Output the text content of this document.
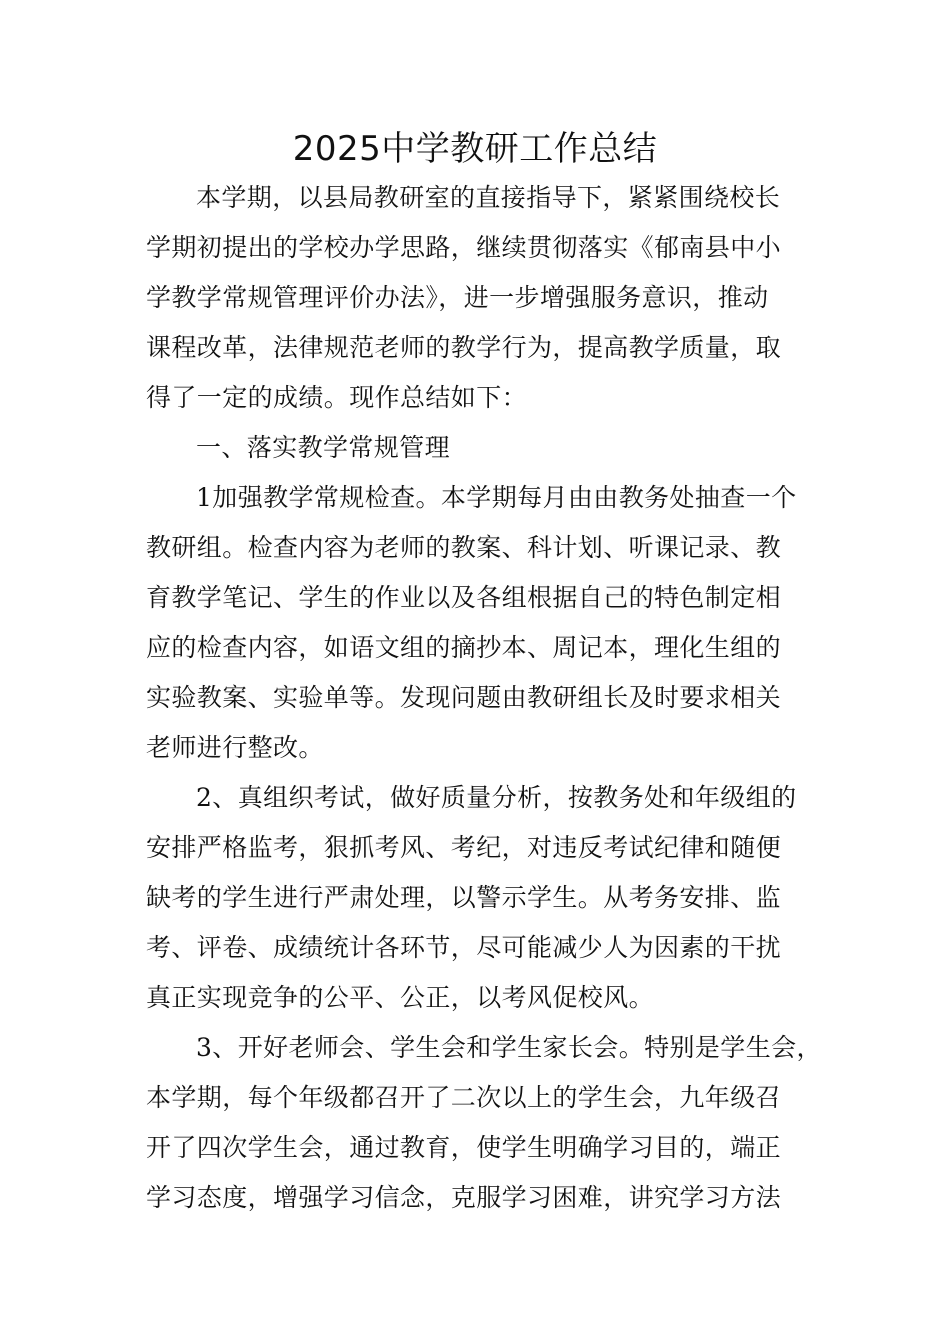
2025中学教研工作总结
本学期，以县局教研室的直接指导下，紧紧围绕校长
学期初提出的学校办学思路，继续贯彻落实《郁南县中小
学教学常规管理评价办法》，进一步增强服务意识，推动
课程改革，法律规范老师的教学行为，提高教学质量，取
得了一定的成绩。现作总结如下：
一、落实教学常规管理
1加强教学常规检查。本学期每月由由教务处抽查一个
教研组。检查内容为老师的教案、科计划、听课记录、教
育教学笔记、学生的作业以及各组根据自己的特色制定相
应的检查内容，如语文组的摘抄本、周记本，理化生组的
实验教案、实验单等。发现问题由教研组长及时要求相关
老师进行整改。
2、真组织考试，做好质量分析，按教务处和年级组的
安排严格监考，狠抓考风、考纪，对违反考试纪律和随便
缺考的学生进行严肃处理，以警示学生。从考务安排、监
考、评卷、成绩统计各环节，尽可能减少人为因素的干扰
真正实现竞争的公平、公正，以考风促校风。
3、开好老师会、学生会和学生家长会。特别是学生会，
本学期，每个年级都召开了二次以上的学生会，九年级召
开了四次学生会，通过教育，使学生明确学习目的，端正
学习态度，增强学习信念，克服学习困难，讲究学习方法
